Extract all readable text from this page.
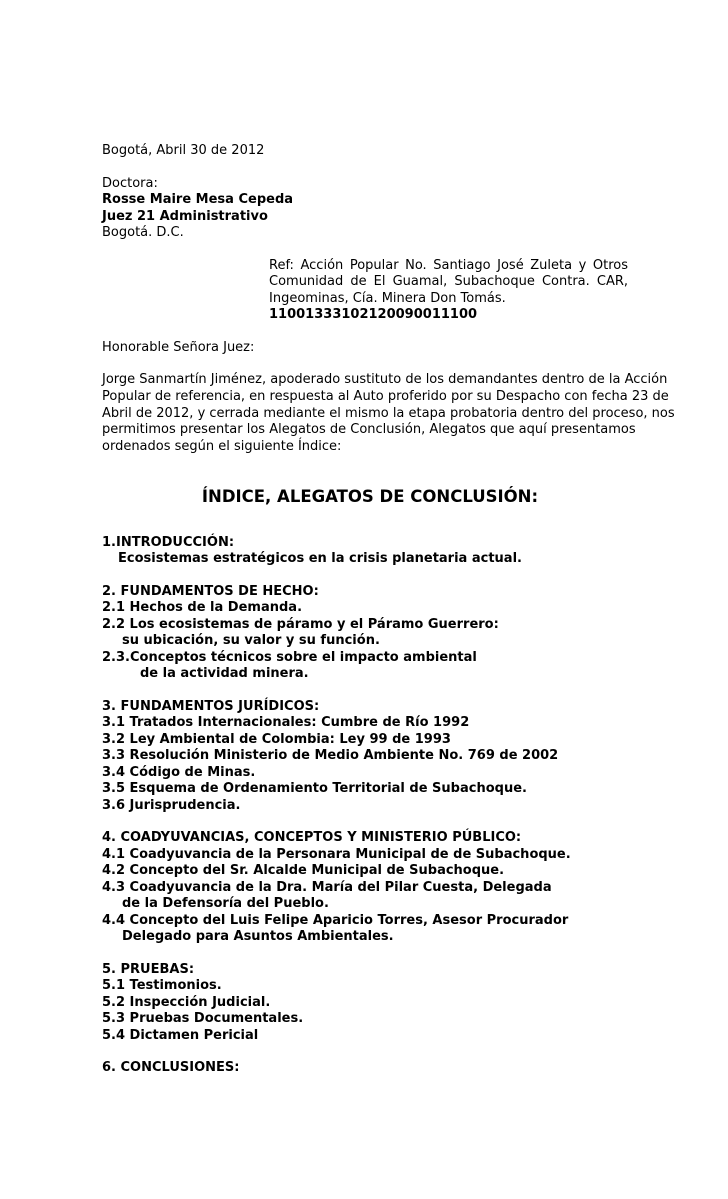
Bogotá, Abril 30 de 2012
Doctora:
Rosse Maire Mesa Cepeda
Juez 21 Administrativo
Bogotá. D.C.
Ref: Acción Popular No. Santiago José Zuleta y Otros
Comunidad de El Guamal, Subachoque Contra. CAR,
Ingeominas, Cía. Minera Don Tomás.
11001333102120090011100
Honorable Señora Juez:
Jorge Sanmartín Jiménez, apoderado sustituto de los demandantes dentro de la Acción
Popular de referencia, en respuesta al Auto proferido por su Despacho con fecha 23 de
Abril de 2012, y cerrada mediante el mismo la etapa probatoria dentro del proceso, nos
permitimos presentar los Alegatos de Conclusión, Alegatos que aquí presentamos
ordenados según el siguiente Índice:
ÍNDICE, ALEGATOS DE CONCLUSIÓN:
1.INTRODUCCIÓN:
Ecosistemas estratégicos en la crisis planetaria actual.
2. FUNDAMENTOS DE HECHO:
2.1 Hechos de la Demanda.
2.2 Los ecosistemas de páramo y el Páramo Guerrero:
su ubicación, su valor y su función.
2.3.Conceptos técnicos sobre el impacto ambiental
de la actividad minera.
3. FUNDAMENTOS JURÍDICOS:
3.1 Tratados Internacionales: Cumbre de Río 1992
3.2 Ley Ambiental de Colombia: Ley 99 de 1993
3.3 Resolución Ministerio de Medio Ambiente No. 769 de 2002
3.4 Código de Minas.
3.5 Esquema de Ordenamiento Territorial de Subachoque.
3.6 Jurisprudencia.
4. COADYUVANCIAS, CONCEPTOS Y MINISTERIO PÚBLICO:
4.1 Coadyuvancia de la Personara Municipal de de Subachoque.
4.2 Concepto del Sr. Alcalde Municipal de Subachoque.
4.3 Coadyuvancia de la Dra. María del Pilar Cuesta, Delegada
de la Defensoría del Pueblo.
4.4 Concepto del Luis Felipe Aparicio Torres, Asesor Procurador
Delegado para Asuntos Ambientales.
5. PRUEBAS:
5.1 Testimonios.
5.2 Inspección Judicial.
5.3 Pruebas Documentales.
5.4 Dictamen Pericial
6. CONCLUSIONES:
